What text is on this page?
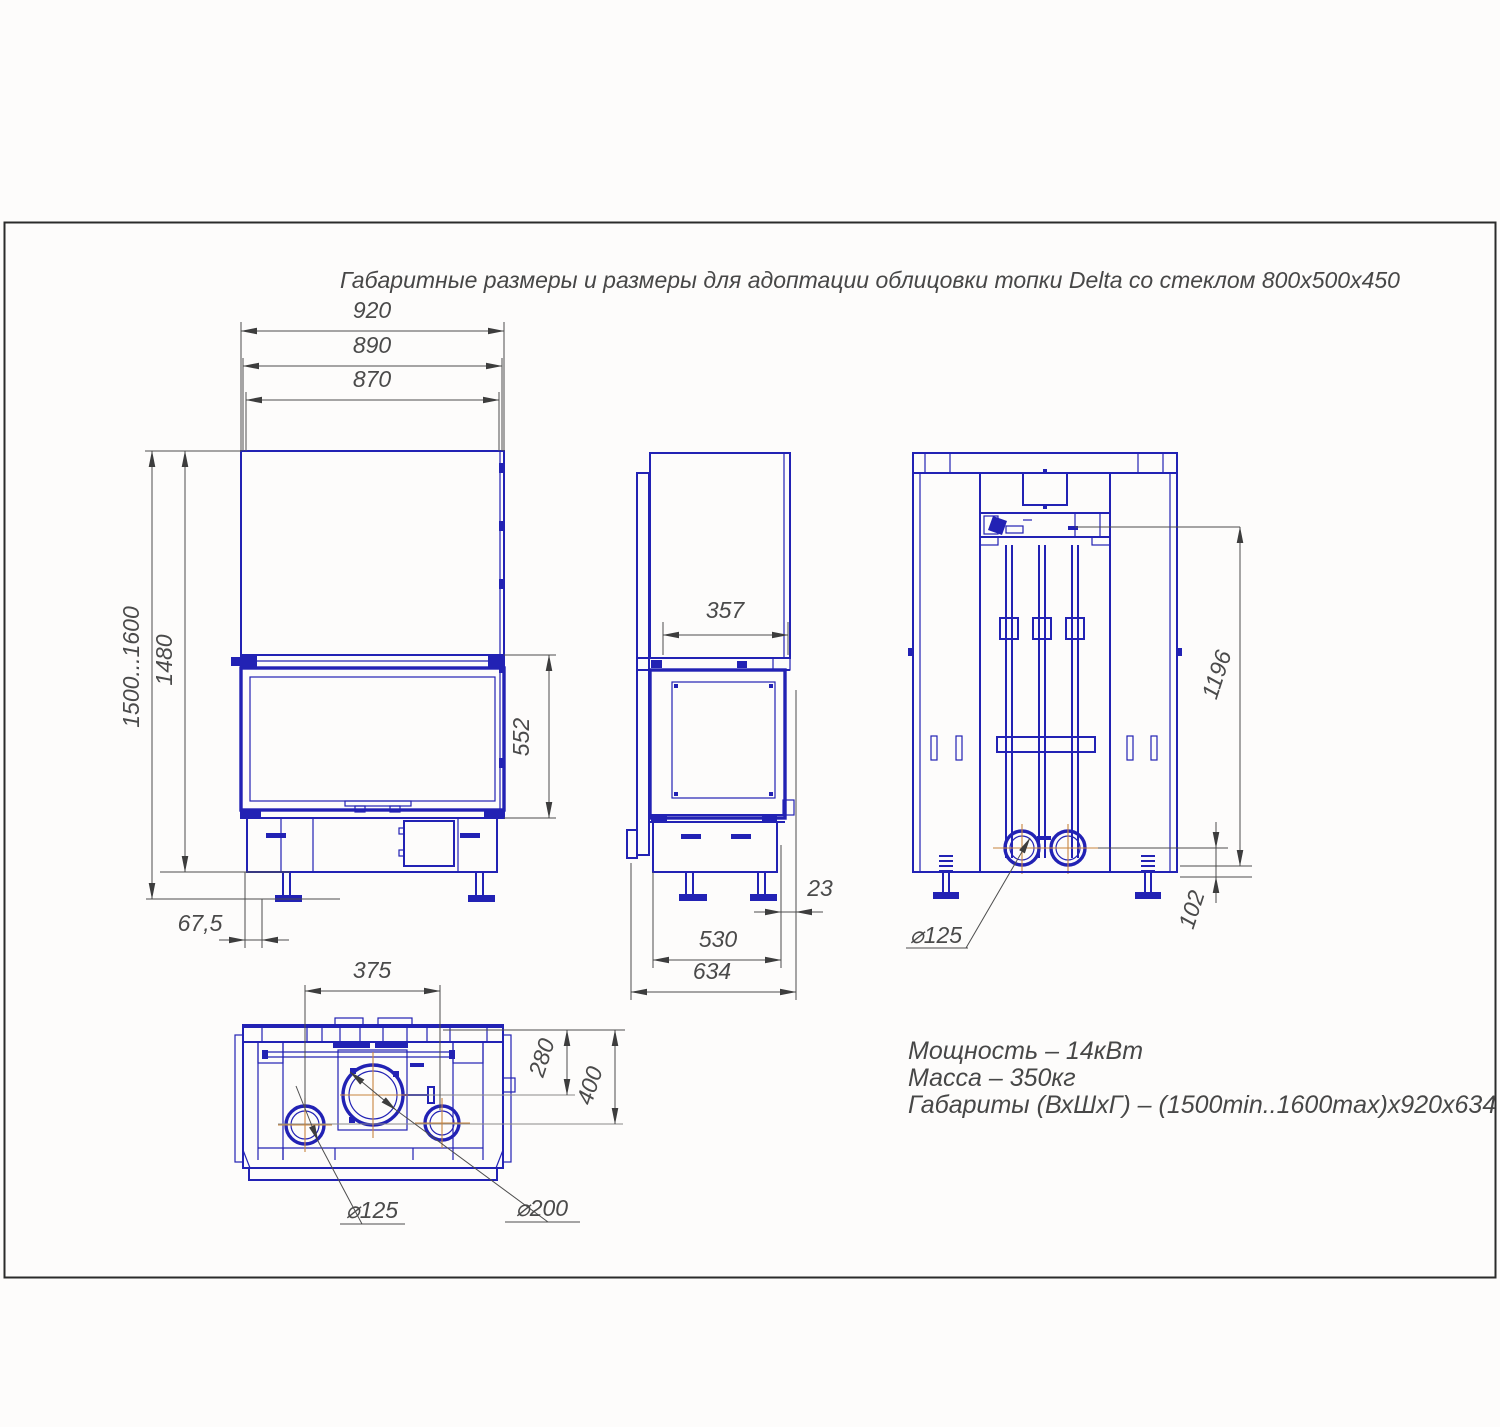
Габаритные размеры и размеры для адоптации облицовки топки Delta со стеклом 800x500x450
920
890
870
1500...1600 1480
552
67,5
357
23
530
634
1196
102
⌀125
375
280
400
⌀125	⌀200
Мощность – 14кВт
Масса – 350кг
Габариты (ВхШхГ) – (1500min..1600max)x920x634
